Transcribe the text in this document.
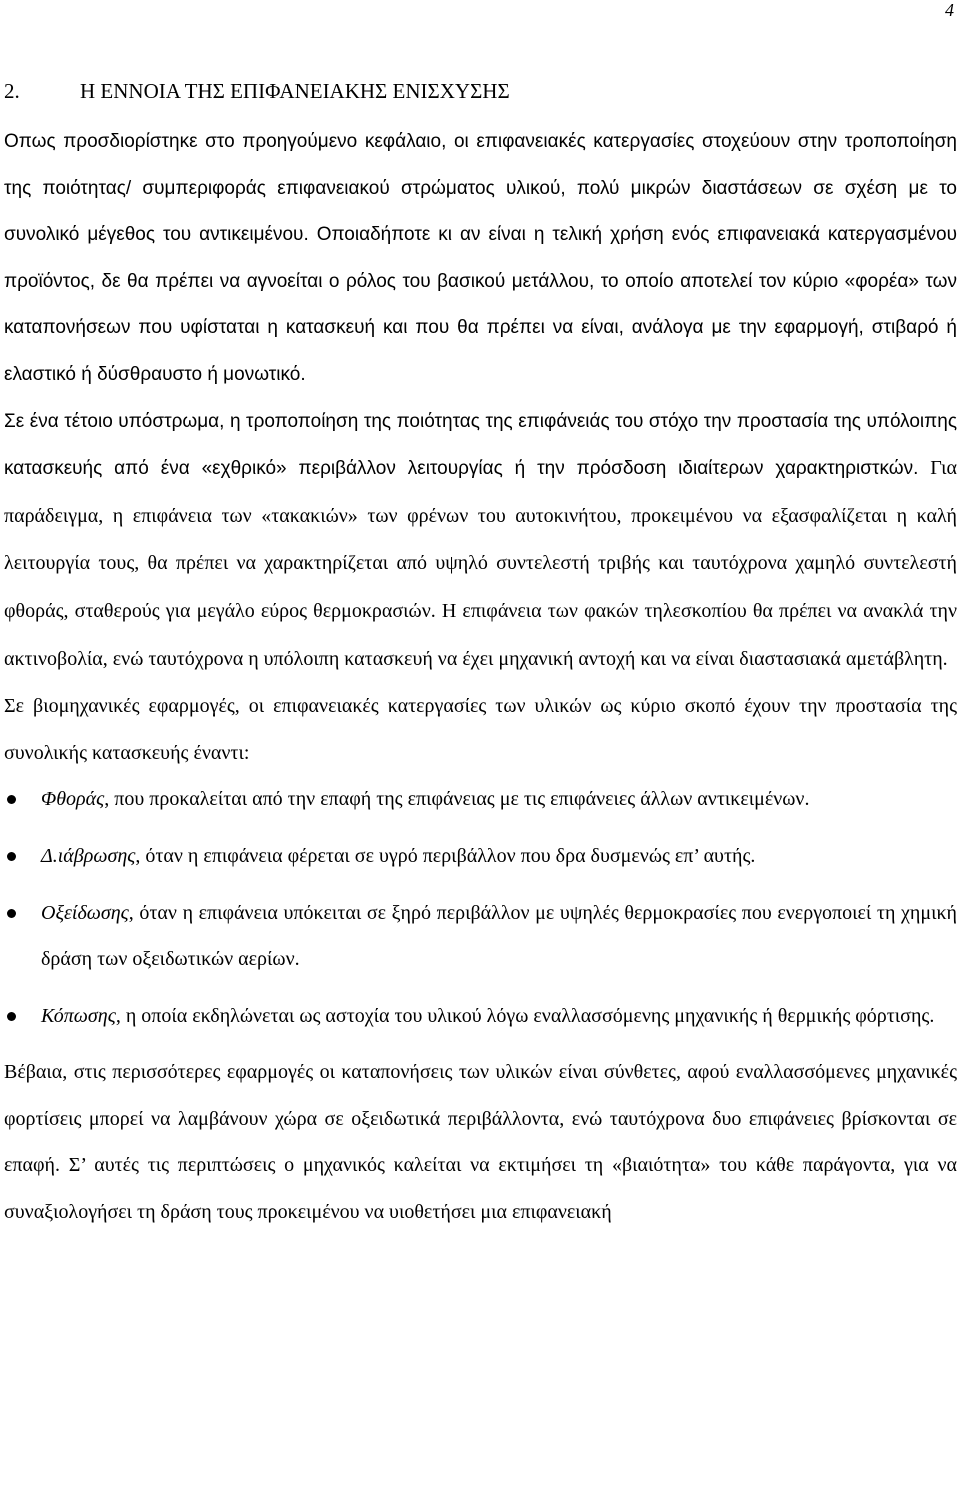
4
2.	Η ΕΝΝΟΙΑ ΤΗΣ ΕΠΙΦΑΝΕΙΑΚΗΣ ΕΝΙΣΧΥΣΗΣ

Οπως προσδιορίστηκε στο προηγούμενο κεφάλαιο, οι επιφανειακές κατεργασίες στοχεύουν στην τροποποίηση της ποιότητας/ συμπεριφοράς επιφανειακού στρώματος υλικού, πολύ μικρών διαστάσεων σε σχέση με το συνολικό μέγεθος του αντικειμένου. Οποιαδήποτε κι αν είναι η τελική χρήση ενός επιφανειακά κατεργασμένου προϊόντος, δε θα πρέπει να αγνοείται ο ρόλος του βασικού μετάλλου, το οποίο αποτελεί τον κύριο «φορέα» των καταπονήσεων που υφίσταται η κατασκευή και που θα πρέπει να είναι, ανάλογα με την εφαρμογή, στιβαρό ή ελαστικό ή δύσθραυστο ή μονωτικό.

Σε ένα τέτοιο υπόστρωμα, η τροποποίηση της ποιότητας της επιφάνειάς του στόχο την προστασία της υπόλοιπης κατασκευής από ένα «εχθρικό» περιβάλλον λειτουργίας ή την πρόσδοση ιδιαίτερων χαρακτηριστκών. Για παράδειγμα, η επιφάνεια των «τακακιών» των φρένων του αυτοκινήτου, προκειμένου να εξασφαλίζεται η καλή λειτουργία τους, θα πρέπει να χαρακτηρίζεται από υψηλό συντελεστή τριβής και ταυτόχρονα χαμηλό συντελεστή φθοράς, σταθερούς για μεγάλο εύρος θερμοκρασιών. Η επιφάνεια των φακών τηλεσκοπίου θα πρέπει να ανακλά την ακτινοβολία, ενώ ταυτόχρονα η υπόλοιπη κατασκευή να έχει μηχανική αντοχή και να είναι διαστασιακά αμετάβλητη.

Σε βιομηχανικές εφαρμογές, οι επιφανειακές κατεργασίες των υλικών ως κύριο σκοπό έχουν την προστασία της συνολικής κατασκευής έναντι:

Φθοράς, που προκαλείται από την επαφή της επιφάνειας με τις επιφάνειες άλλων αντικειμένων.
Δ.ιάβρωσης, όταν η επιφάνεια φέρεται σε υγρό περιβάλλον που δρα δυσμενώς επ’ αυτής.
Οξείδωσης, όταν η επιφάνεια υπόκειται σε ξηρό περιβάλλον με υψηλές θερμοκρασίες που ενεργοποιεί τη χημική δράση των οξειδωτικών αερίων.
Κόπωσης, η οποία εκδηλώνεται ως αστοχία του υλικού λόγω εναλλασσόμενης μηχανικής ή θερμικής φόρτισης.

Βέβαια, στις περισσότερες εφαρμογές οι καταπονήσεις των υλικών είναι σύνθετες, αφού εναλλασσόμενες μηχανικές φορτίσεις μπορεί να λαμβάνουν χώρα σε οξειδωτικά περιβάλλοντα, ενώ ταυτόχρονα δυο επιφάνειες βρίσκονται σε επαφή. Σ’ αυτές τις περιπτώσεις ο μηχανικός καλείται να εκτιμήσει τη «βιαιότητα» του κάθε παράγοντα, για να συναξιολογήσει τη δράση τους προκειμένου να υιοθετήσει μια επιφανειακή
